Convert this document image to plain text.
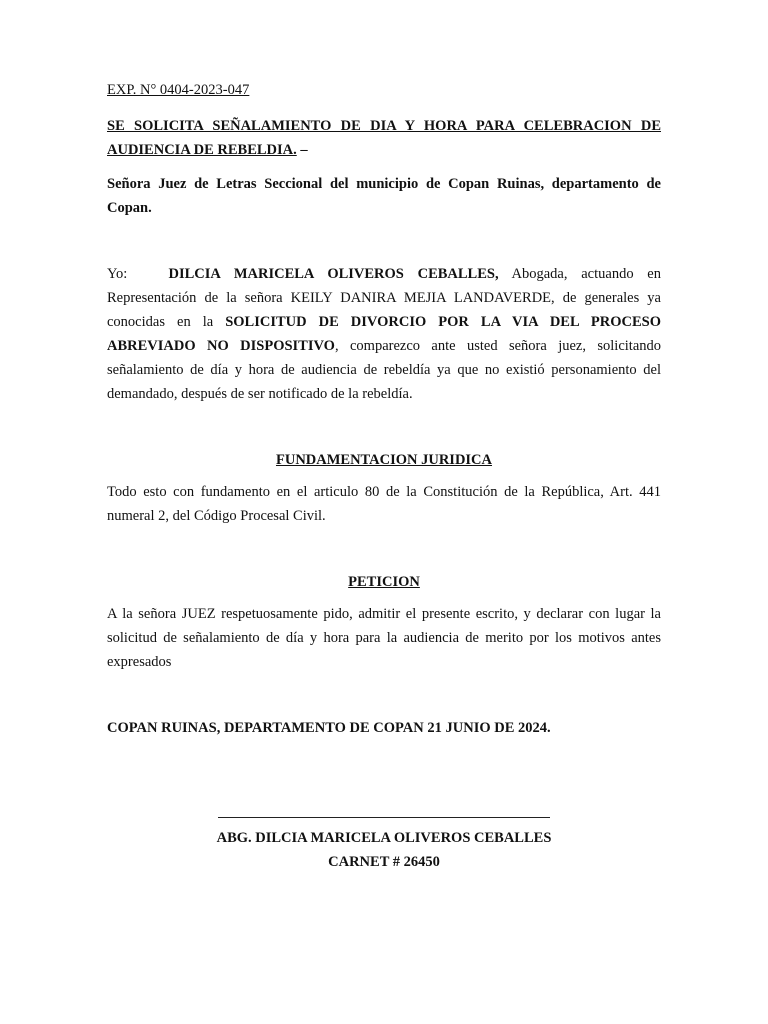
EXP. N° 0404-2023-047

SE SOLICITA SEÑALAMIENTO DE DIA Y HORA PARA CELEBRACION DE AUDIENCIA DE REBELDIA. –

Señora Juez de Letras Seccional del municipio de Copan Ruinas, departamento de Copan.

Yo:   DILCIA MARICELA OLIVEROS CEBALLES, Abogada, actuando en Representación de la señora KEILY DANIRA MEJIA LANDAVERDE, de generales ya conocidas en la SOLICITUD DE DIVORCIO POR LA VIA DEL PROCESO ABREVIADO NO DISPOSITIVO, comparezco ante usted señora juez, solicitando señalamiento de día y hora de audiencia de rebeldía ya que no existió personamiento del demandado, después de ser notificado de la rebeldía.

FUNDAMENTACION JURIDICA

Todo esto con fundamento en el articulo 80 de la Constitución de la República, Art. 441 numeral 2, del Código Procesal Civil.

PETICION

A la señora JUEZ respetuosamente pido, admitir el presente escrito, y declarar con lugar la solicitud de señalamiento de día y hora para la audiencia de merito por los motivos antes expresados

COPAN RUINAS, DEPARTAMENTO DE COPAN 21 JUNIO DE 2024.

ABG. DILCIA MARICELA OLIVEROS CEBALLES
CARNET # 26450
